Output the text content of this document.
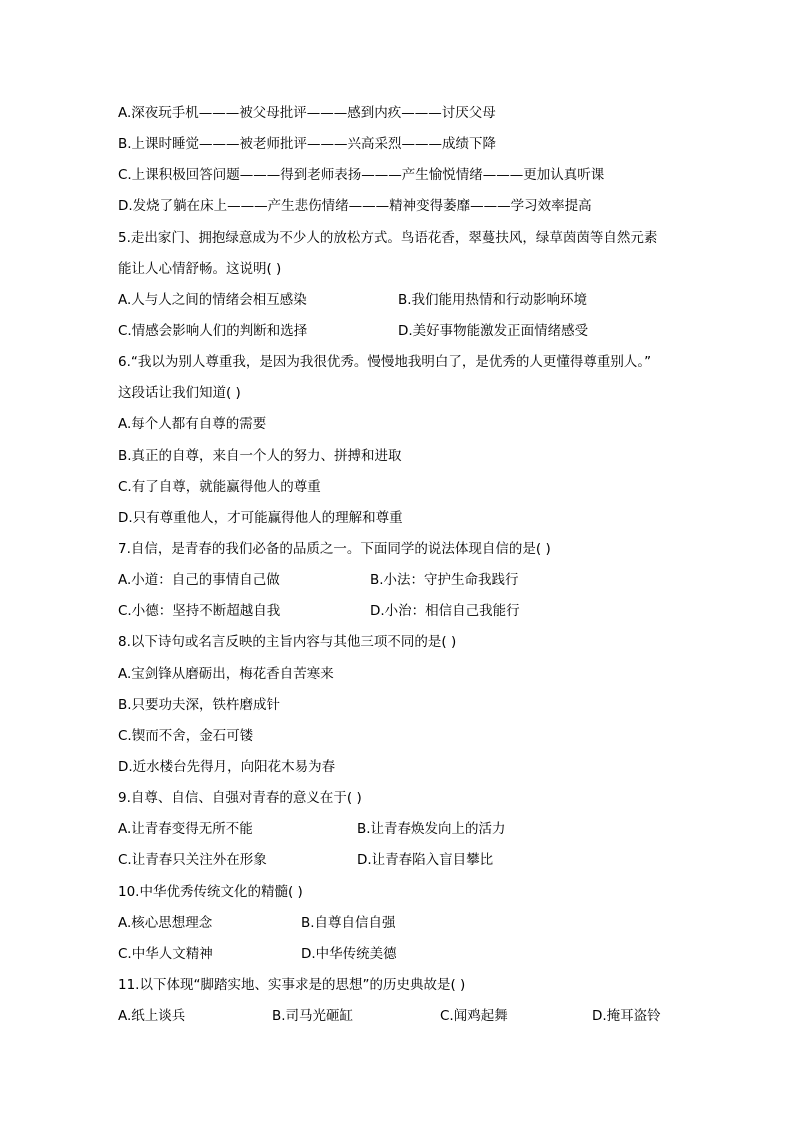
A.深夜玩手机———被父母批评———感到内疚———讨厌父母
B.上课时睡觉———被老师批评———兴高采烈———成绩下降
C.上课积极回答问题———得到老师表扬———产生愉悦情绪———更加认真听课
D.发烧了躺在床上———产生悲伤情绪———精神变得萎靡———学习效率提高
5.走出家门、拥抱绿意成为不少人的放松方式。鸟语花香，翠蔓扶风，绿草茵茵等自然元素
能让人心情舒畅。这说明( )
A.人与人之间的情绪会相互感染	B.我们能用热情和行动影响环境
C.情感会影响人们的判断和选择	D.美好事物能激发正面情绪感受
6.“我以为别人尊重我，是因为我很优秀。慢慢地我明白了，是优秀的人更懂得尊重别人。”
这段话让我们知道( )
A.每个人都有自尊的需要
B.真正的自尊，来自一个人的努力、拼搏和进取
C.有了自尊，就能赢得他人的尊重
D.只有尊重他人，才可能赢得他人的理解和尊重
7.自信，是青春的我们必备的品质之一。下面同学的说法体现自信的是( )
A.小道：自己的事情自己做	B.小法：守护生命我践行
C.小德：坚持不断超越自我	D.小治：相信自己我能行
8.以下诗句或名言反映的主旨内容与其他三项不同的是( )
A.宝剑锋从磨砺出，梅花香自苦寒来
B.只要功夫深，铁杵磨成针
C.锲而不舍，金石可镂
D.近水楼台先得月，向阳花木易为春
9.自尊、自信、自强对青春的意义在于( )
A.让青春变得无所不能	B.让青春焕发向上的活力
C.让青春只关注外在形象	D.让青春陷入盲目攀比
10.中华优秀传统文化的精髓( )
A.核心思想理念	B.自尊自信自强
C.中华人文精神	D.中华传统美德
11.以下体现“脚踏实地、实事求是的思想”的历史典故是( )
A.纸上谈兵	B.司马光砸缸	C.闻鸡起舞	D.掩耳盗铃
